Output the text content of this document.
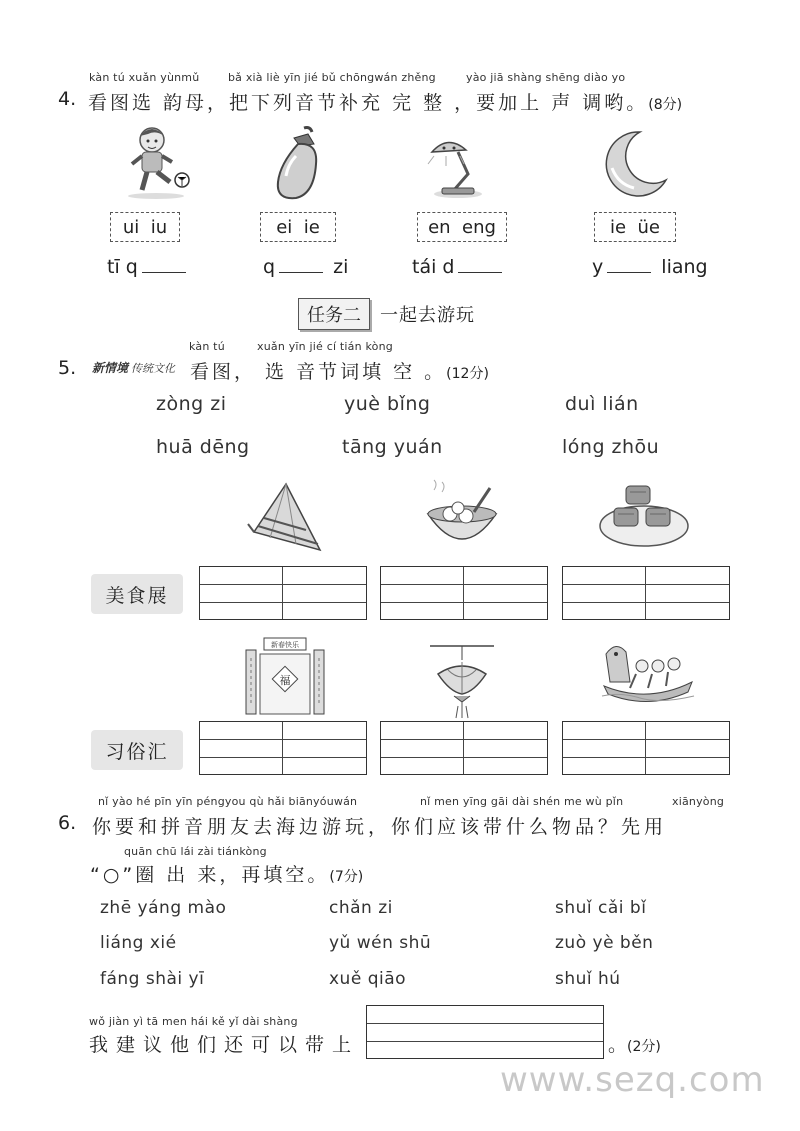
kàn tú xuǎn yùnmǔ	bǎ xià liè yīn jié bǔ chōngwán zhěng	yào jiā shàng shēng diào yo
4. 看图选 韵母，把下列音节补充 完 整 ，要加上 声 调哟。(8分)
ui  iu	ei  ie	en  eng	ie  üe
tī q	q	zi	tái d	y	liang
任务二	一起去游玩
kàn tú	xuǎn yīn jié cí tián kòng
5. 新情境 传统文化 看图， 选 音节词填 空 。(12分)
zòng zi	yuè bǐng	duì lián
huā dēng	tāng yuán	lóng zhōu
美食展
新春快乐
福
习俗汇
nǐ yào hé pīn yīn péngyou qù hǎi biānyóuwán	nǐ men yīng gāi dài shén me wù pǐn	xiānyòng
6. 你要和拼音朋友去海边游玩，你们应该带什么物品？先用
quān chū lái zài tiánkòng
“○”圈 出 来，再填空。(7分)
zhē yáng mào	chǎn zi	shuǐ cǎi bǐ
liáng xié	yǔ wén shū	zuò yè běn
fáng shài yī	xuě qiāo	shuǐ hú
wǒ jiàn yì tā men hái kě yǐ dài shàng
我建议他们还可以带上	。(2分)
www.sezq.com
